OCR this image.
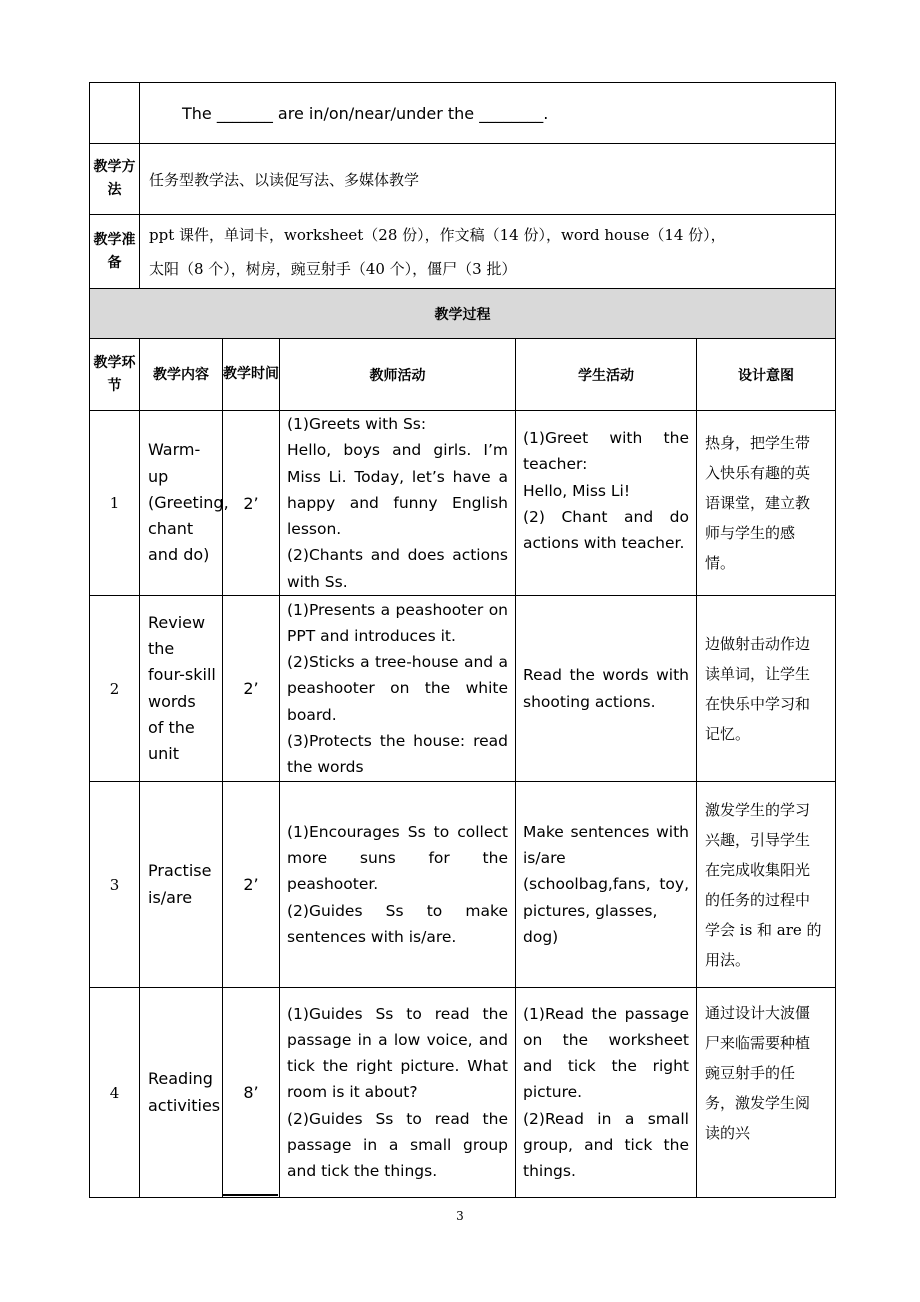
	The _______ are in/on/near/under the ________.				
教学方法	任务型教学法、以读促写法、多媒体教学				
教学准备	ppt 课件，单词卡，worksheet（28 份），作文稿（14 份），word house（14 份），
太阳（8 个），树房，豌豆射手（40 个），僵尸（3 批）				

教学过程					
教学环节	教学内容	教学时间	教师活动	学生活动	设计意图
1	Warm-up (Greeting, chant and do)	2’	(1)Greets with Ss:
Hello, boys and girls. I’m Miss Li. Today, let’s have a happy and funny English lesson.
(2)Chants and does actions with Ss.	(1)Greet with the teacher:
Hello, Miss Li!
(2) Chant and do actions with teacher.	热身，把学生带入快乐有趣的英语课堂，建立教师与学生的感情。
2	Review the four-skill words of the unit	2’	(1)Presents a peashooter on PPT and introduces it.
(2)Sticks a tree-house and a peashooter on the white board.
(3)Protects the house: read the words	Read the words with shooting actions.	边做射击动作边读单词，让学生在快乐中学习和记忆。
3	Practise is/are	2’	(1)Encourages Ss to collect more suns for the peashooter.
(2)Guides Ss to make sentences with is/are.	Make sentences with is/are (schoolbag,fans, toy, pictures, glasses,
dog)	激发学生的学习兴趣，引导学生在完成收集阳光的任务的过程中学会 is 和 are 的用法。
4	Reading activities	8’	(1)Guides Ss to read the passage in a low voice, and tick the right picture. What room is it about?
(2)Guides Ss to read the passage in a small group and tick the things.	(1)Read the passage on the worksheet and tick the right picture.
(2)Read in a small group, and tick the things.	通过设计大波僵尸来临需要种植豌豆射手的任务，激发学生阅读的兴
3
